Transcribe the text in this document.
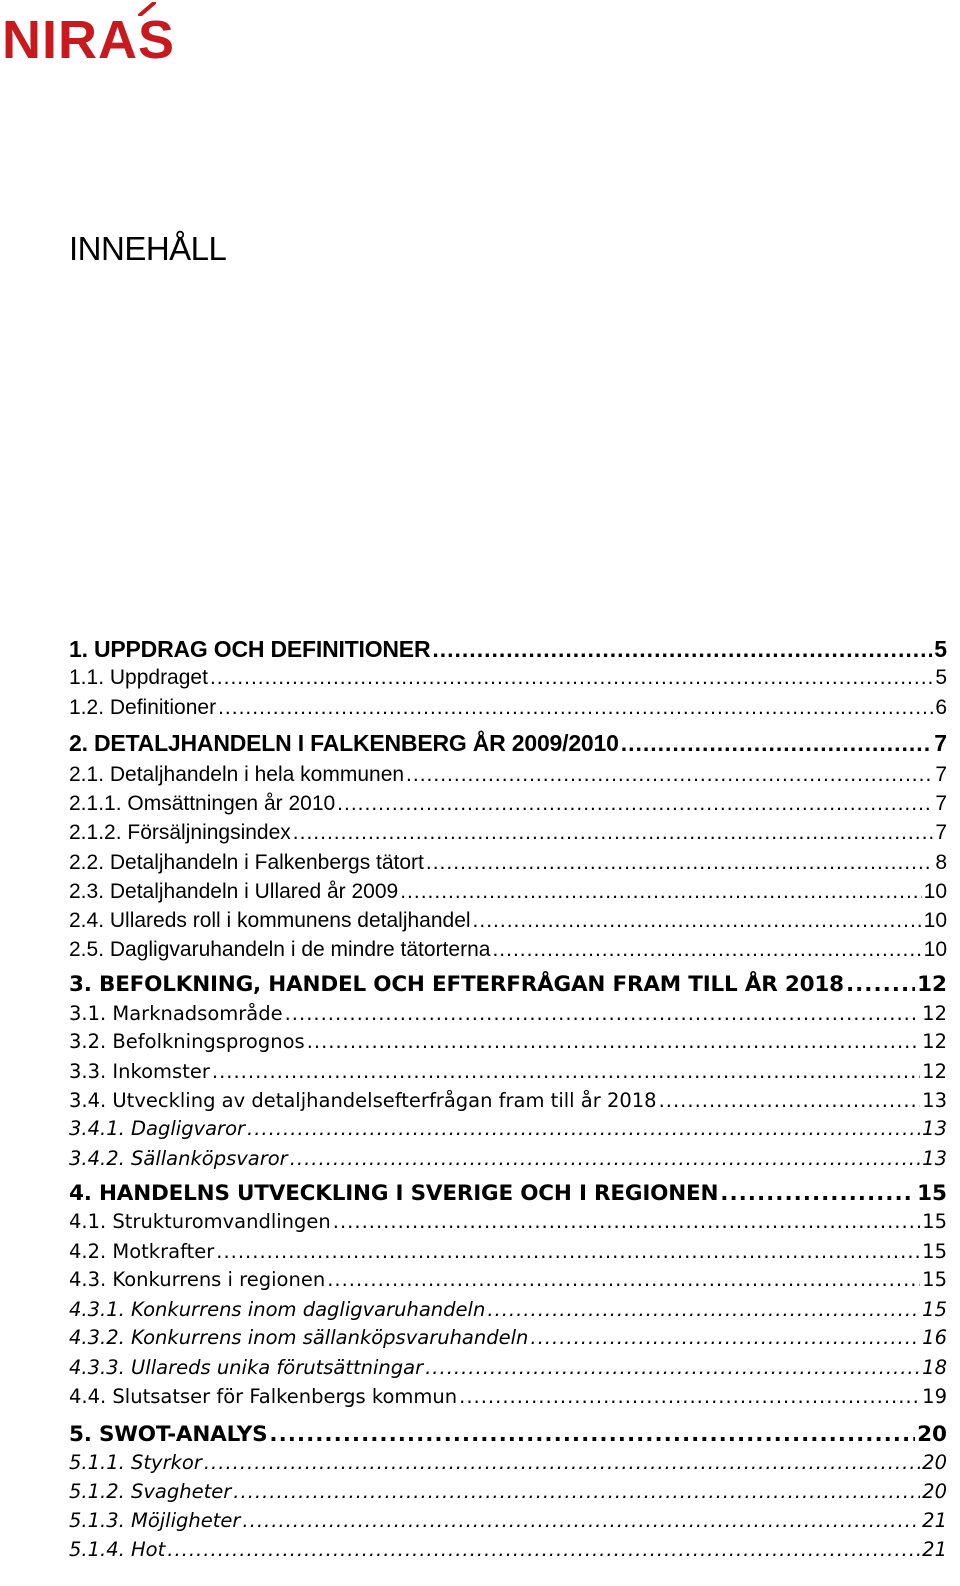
NIRAS
INNEHÅLL
1. UPPDRAG OCH DEFINITIONER .....	5
1.1. Uppdraget .....	5
1.2. Definitioner .....	6
2. DETALJHANDELN I FALKENBERG ÅR 2009/2010 .....	7
2.1. Detaljhandeln i hela kommunen .....	7
2.1.1. Omsättningen år 2010 .....	7
2.1.2. Försäljningsindex .....	7
2.2. Detaljhandeln i Falkenbergs tätort .....	8
2.3. Detaljhandeln i Ullared år 2009 .....	10
2.4. Ullareds roll i kommunens detaljhandel .....	10
2.5. Dagligvaruhandeln i de mindre tätorterna .....	10
3. BEFOLKNING, HANDEL OCH EFTERFRÅGAN FRAM TILL ÅR 2018 .....	12
3.1. Marknadsområde .....	12
3.2. Befolkningsprognos .....	12
3.3. Inkomster .....	12
3.4. Utveckling av detaljhandelsefterfrågan fram till år 2018 .....	13
3.4.1. Dagligvaror .....	13
3.4.2. Sällanköpsvaror .....	13
4. HANDELNS UTVECKLING I SVERIGE OCH I REGIONEN .....	15
4.1. Strukturomvandlingen .....	15
4.2. Motkrafter .....	15
4.3. Konkurrens i regionen .....	15
4.3.1. Konkurrens inom dagligvaruhandeln .....	15
4.3.2. Konkurrens inom sällanköpsvaruhandeln .....	16
4.3.3. Ullareds unika förutsättningar .....	18
4.4. Slutsatser för Falkenbergs kommun .....	19
5. SWOT-ANALYS .....	20
5.1.1. Styrkor .....	20
5.1.2. Svagheter .....	20
5.1.3. Möjligheter .....	21
5.1.4. Hot .....	21
